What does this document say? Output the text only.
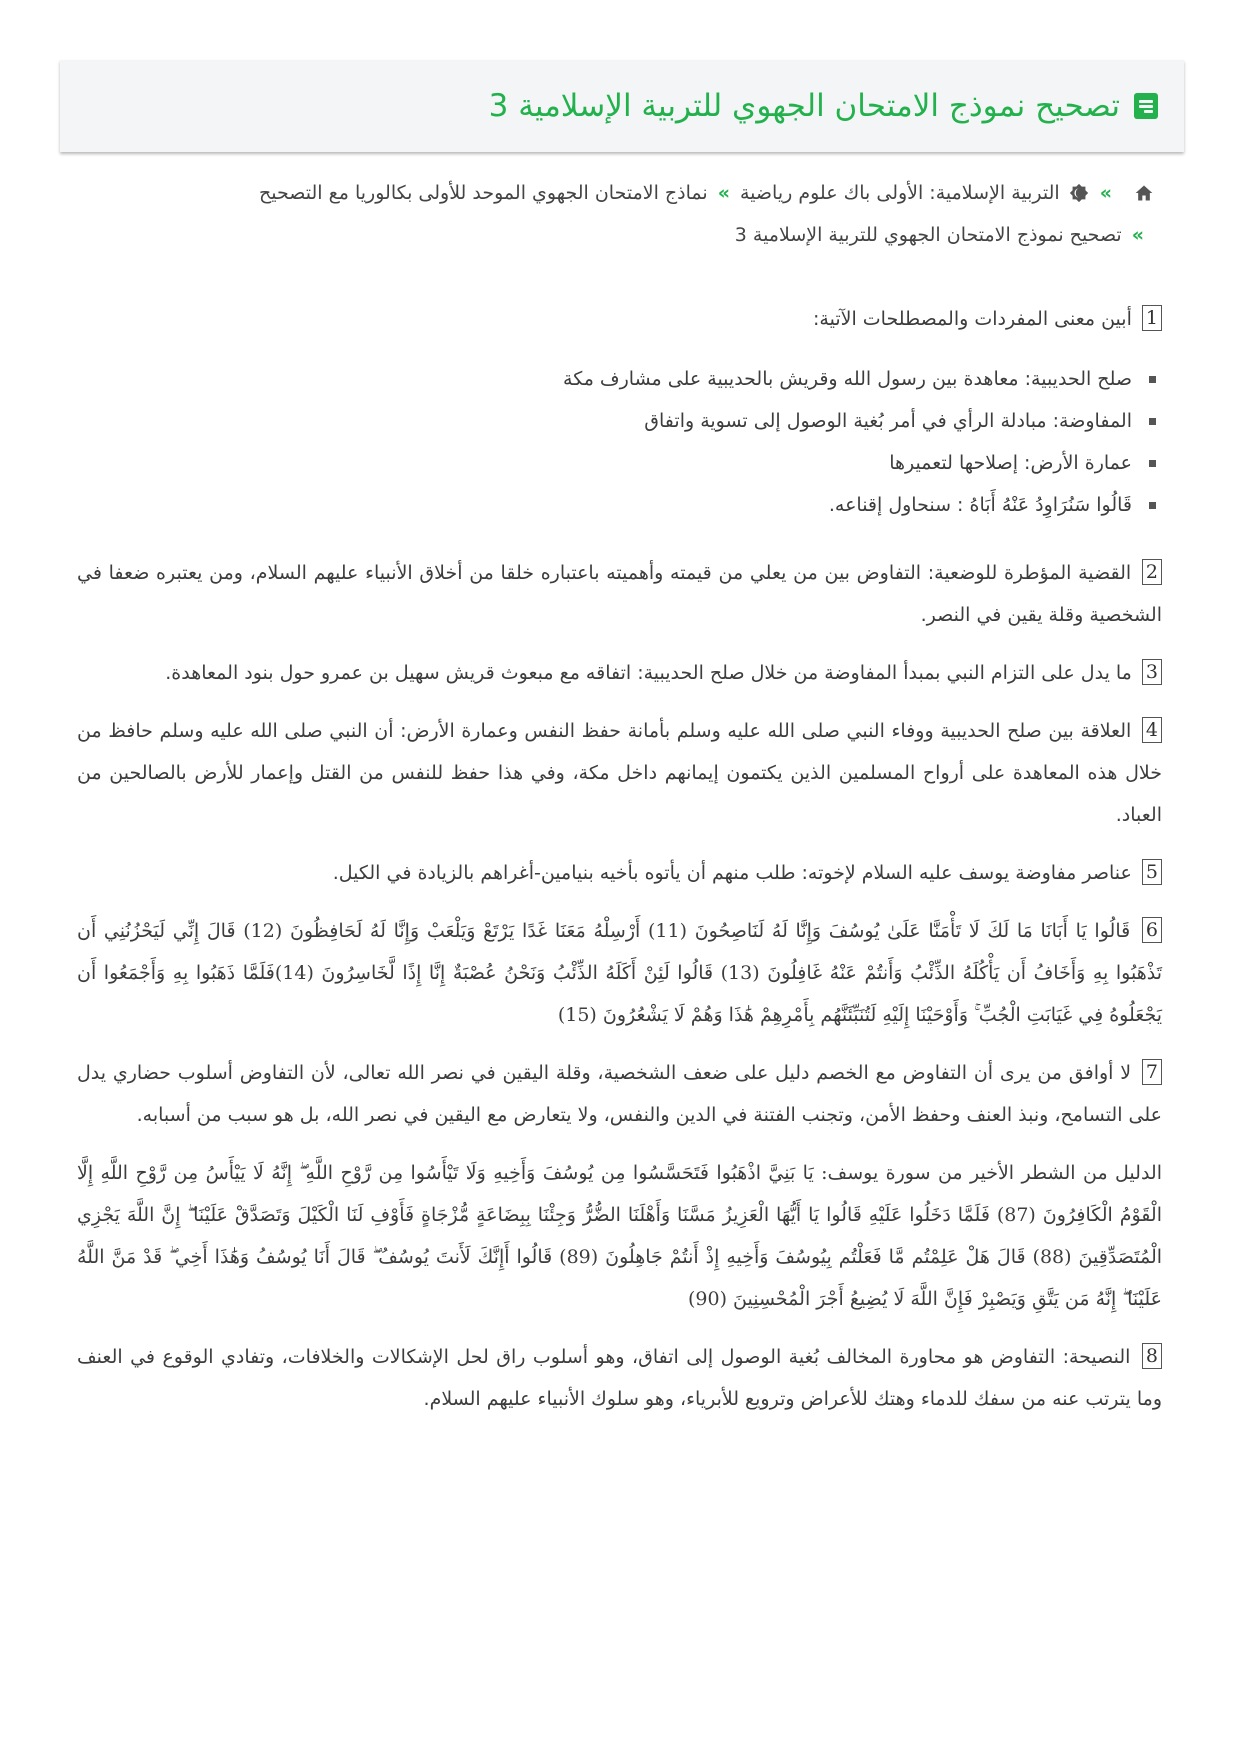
تصحيح نموذج الامتحان الجهوي للتربية الإسلامية 3
»
التربية الإسلامية: الأولى باك علوم رياضية
»
نماذج الامتحان الجهوي الموحد للأولى بكالوريا مع التصحيح
»
تصحيح نموذج الامتحان الجهوي للتربية الإسلامية 3

1 أبين معنى المفردات والمصطلحات الآتية:

صلح الحديبية: معاهدة بين رسول الله وقريش بالحديبية على مشارف مكة
المفاوضة: مبادلة الرأي في أمر بُغية الوصول إلى تسوية واتفاق
عمارة الأرض: إصلاحها لتعميرها
قَالُوا سَنُرَاوِدُ عَنْهُ أَبَاهُ : سنحاول إقناعه.

2 القضية المؤطرة للوضعية: التفاوض بين من يعلي من قيمته وأهميته باعتباره خلقا من أخلاق الأنبياء عليهم السلام، ومن يعتبره ضعفا في الشخصية وقلة يقين في النصر.

3 ما يدل على التزام النبي بمبدأ المفاوضة من خلال صلح الحديبية: اتفاقه مع مبعوث قريش سهيل بن عمرو حول بنود المعاهدة.

4 العلاقة بين صلح الحديبية ووفاء النبي صلى الله عليه وسلم بأمانة حفظ النفس وعمارة الأرض: أن النبي صلى الله عليه وسلم حافظ من خلال هذه المعاهدة على أرواح المسلمين الذين يكتمون إيمانهم داخل مكة، وفي هذا حفظ للنفس من القتل وإعمار للأرض بالصالحين من العباد.

5 عناصر مفاوضة يوسف عليه السلام لإخوته: طلب منهم أن يأتوه بأخيه بنيامين-أغراهم بالزيادة في الكيل.

6 قَالُوا يَا أَبَانَا مَا لَكَ لَا تَأْمَنَّا عَلَىٰ يُوسُفَ وَإِنَّا لَهُ لَنَاصِحُونَ (11) أَرْسِلْهُ مَعَنَا غَدًا يَرْتَعْ وَيَلْعَبْ وَإِنَّا لَهُ لَحَافِظُونَ (12) قَالَ إِنِّي لَيَحْزُنُنِي أَن تَذْهَبُوا بِهِ وَأَخَافُ أَن يَأْكُلَهُ الذِّئْبُ وَأَنتُمْ عَنْهُ غَافِلُونَ (13) قَالُوا لَئِنْ أَكَلَهُ الذِّئْبُ وَنَحْنُ عُصْبَةٌ إِنَّا إِذًا لَّخَاسِرُونَ (14)فَلَمَّا ذَهَبُوا بِهِ وَأَجْمَعُوا أَن يَجْعَلُوهُ فِي غَيَابَتِ الْجُبِّ ۚ وَأَوْحَيْنَا إِلَيْهِ لَتُنَبِّئَنَّهُم بِأَمْرِهِمْ هَٰذَا وَهُمْ لَا يَشْعُرُونَ (15)

7 لا أوافق من يرى أن التفاوض مع الخصم دليل على ضعف الشخصية، وقلة اليقين في نصر الله تعالى، لأن التفاوض أسلوب حضاري يدل على التسامح، ونبذ العنف وحفظ الأمن، وتجنب الفتنة في الدين والنفس، ولا يتعارض مع اليقين في نصر الله، بل هو سبب من أسبابه.

الدليل من الشطر الأخير من سورة يوسف: يَا بَنِيَّ اذْهَبُوا فَتَحَسَّسُوا مِن يُوسُفَ وَأَخِيهِ وَلَا تَيْأَسُوا مِن رَّوْحِ اللَّهِ ۖ إِنَّهُ لَا يَيْأَسُ مِن رَّوْحِ اللَّهِ إِلَّا الْقَوْمُ الْكَافِرُونَ (87) فَلَمَّا دَخَلُوا عَلَيْهِ قَالُوا يَا أَيُّهَا الْعَزِيزُ مَسَّنَا وَأَهْلَنَا الضُّرُّ وَجِئْنَا بِبِضَاعَةٍ مُّزْجَاةٍ فَأَوْفِ لَنَا الْكَيْلَ وَتَصَدَّقْ عَلَيْنَا ۖ إِنَّ اللَّهَ يَجْزِي الْمُتَصَدِّقِينَ (88) قَالَ هَلْ عَلِمْتُم مَّا فَعَلْتُم بِيُوسُفَ وَأَخِيهِ إِذْ أَنتُمْ جَاهِلُونَ (89) قَالُوا أَإِنَّكَ لَأَنتَ يُوسُفُ ۖ قَالَ أَنَا يُوسُفُ وَهَٰذَا أَخِي ۖ قَدْ مَنَّ اللَّهُ عَلَيْنَا ۖ إِنَّهُ مَن يَتَّقِ وَيَصْبِرْ فَإِنَّ اللَّهَ لَا يُضِيعُ أَجْرَ الْمُحْسِنِينَ (90)

8 النصيحة: التفاوض هو محاورة المخالف بُغية الوصول إلى اتفاق، وهو أسلوب راق لحل الإشكالات والخلافات، وتفادي الوقوع في العنف وما يترتب عنه من سفك للدماء وهتك للأعراض وترويع للأبرياء، وهو سلوك الأنبياء عليهم السلام.
